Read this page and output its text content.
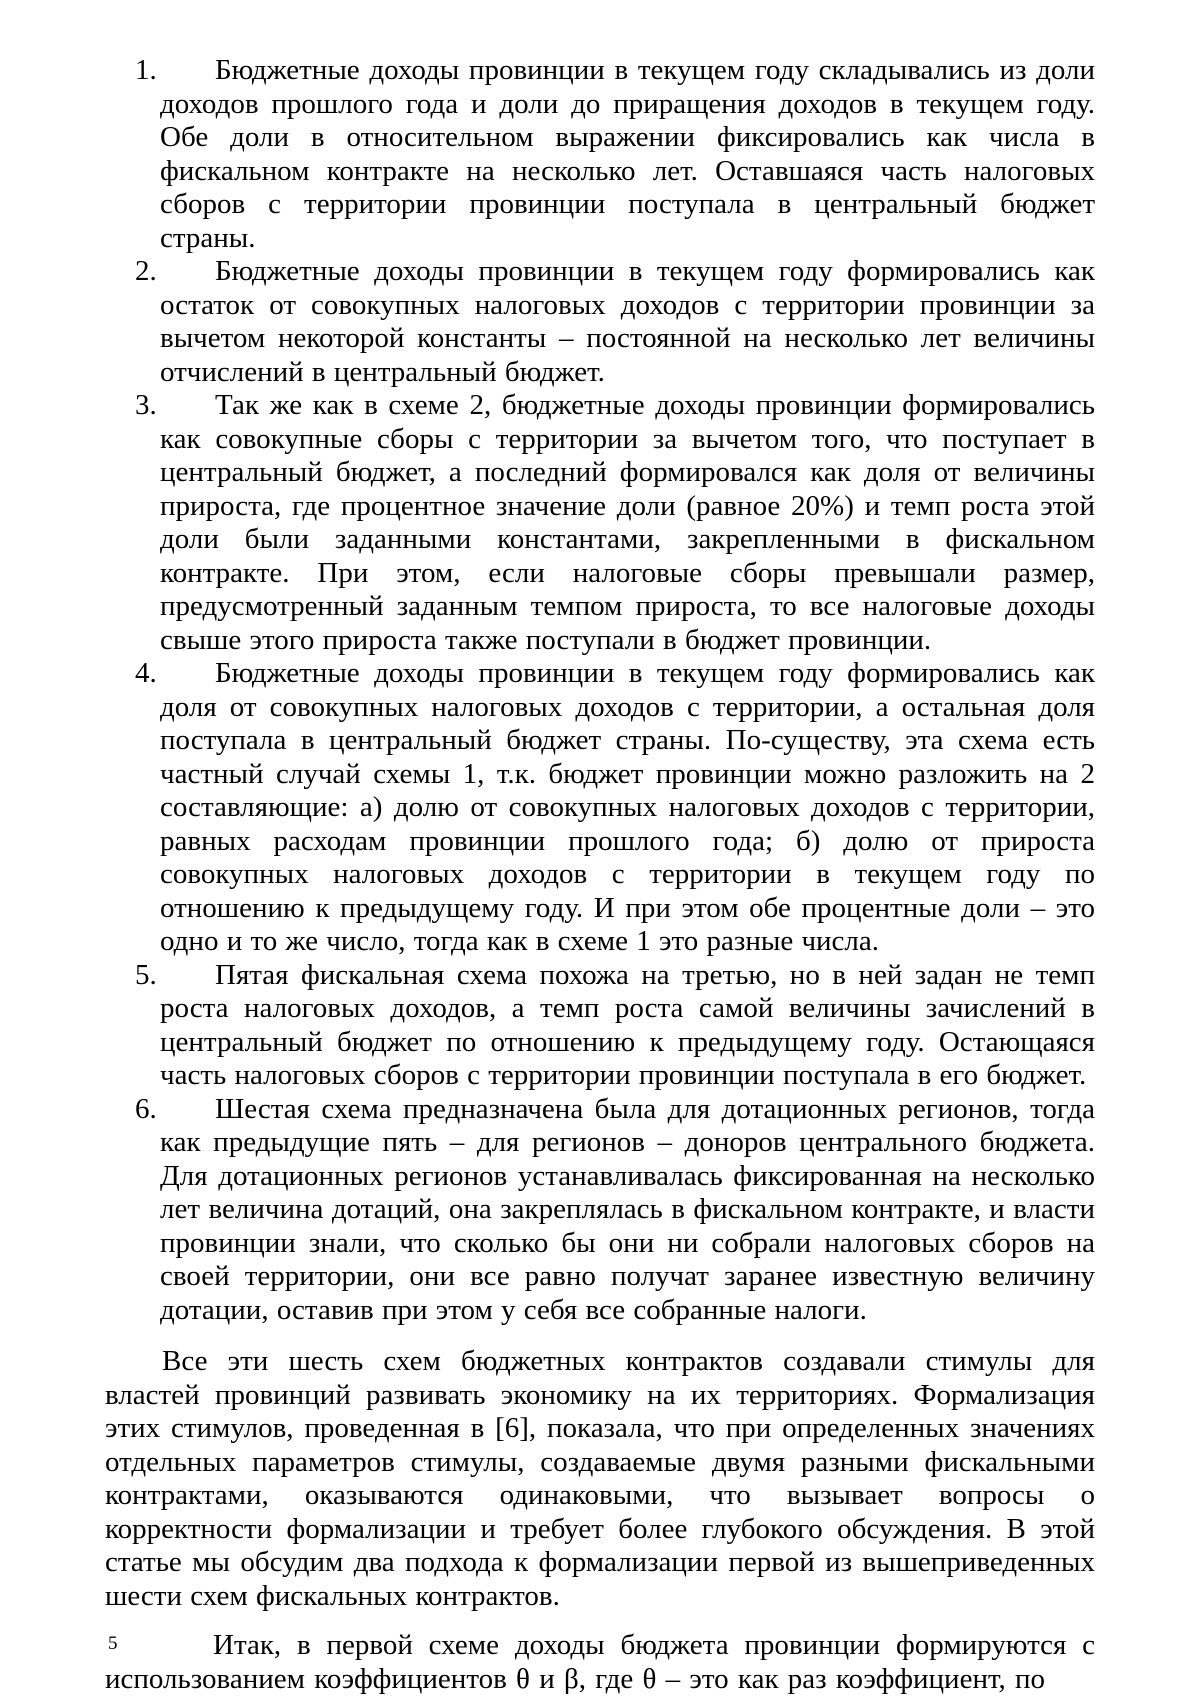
1. Бюджетные доходы провинции в текущем году складывались из доли доходов прошлого года и доли до приращения доходов в текущем году. Обе доли в относительном выражении фиксировались как числа в фискальном контракте на несколько лет. Оставшаяся часть налоговых сборов с территории провинции поступала в центральный бюджет страны.
2. Бюджетные доходы провинции в текущем году формировались как остаток от совокупных налоговых доходов с территории провинции за вычетом некоторой константы – постоянной на несколько лет величины отчислений в центральный бюджет.
3. Так же как в схеме 2, бюджетные доходы провинции формировались как совокупные сборы с территории за вычетом того, что поступает в центральный бюджет, а последний формировался как доля от величины прироста, где процентное значение доли (равное 20%) и темп роста этой доли были заданными константами, закрепленными в фискальном контракте. При этом, если налоговые сборы превышали размер, предусмотренный заданным темпом прироста, то все налоговые доходы свыше этого прироста также поступали в бюджет провинции.
4. Бюджетные доходы провинции в текущем году формировались как доля от совокупных налоговых доходов с территории, а остальная доля поступала в центральный бюджет страны. По-существу, эта схема есть частный случай схемы 1, т.к. бюджет провинции можно разложить на 2 составляющие: а) долю от совокупных налоговых доходов с территории, равных расходам провинции прошлого года; б) долю от прироста совокупных налоговых доходов с территории в текущем году по отношению к предыдущему году. И при этом обе процентные доли – это одно и то же число, тогда как в схеме 1 это разные числа.
5. Пятая фискальная схема похожа на третью, но в ней задан не темп роста налоговых доходов, а темп роста самой величины зачислений в центральный бюджет по отношению к предыдущему году. Остающаяся часть налоговых сборов с территории провинции поступала в его бюджет.
6. Шестая схема предназначена была для дотационных регионов, тогда как предыдущие пять – для регионов – доноров центрального бюджета. Для дотационных регионов устанавливалась фиксированная на несколько лет величина дотаций, она закреплялась в фискальном контракте, и власти провинции знали, что сколько бы они ни собрали налоговых сборов на своей территории, они все равно получат заранее известную величину дотации, оставив при этом у себя все собранные налоги.

Все эти шесть схем бюджетных контрактов создавали стимулы для властей провинций развивать экономику на их территориях. Формализация этих стимулов, проведенная в [6], показала, что при определенных значениях отдельных параметров стимулы, создаваемые двумя разными фискальными контрактами, оказываются одинаковыми, что вызывает вопросы о корректности формализации и требует более глубокого обсуждения. В этой статье мы обсудим два подхода к формализации первой из вышеприведенных шести схем фискальных контрактов.

5	Итак, в первой схеме доходы бюджета провинции формируются с использованием коэффициентов θ и β, где θ – это как раз коэффициент, по
